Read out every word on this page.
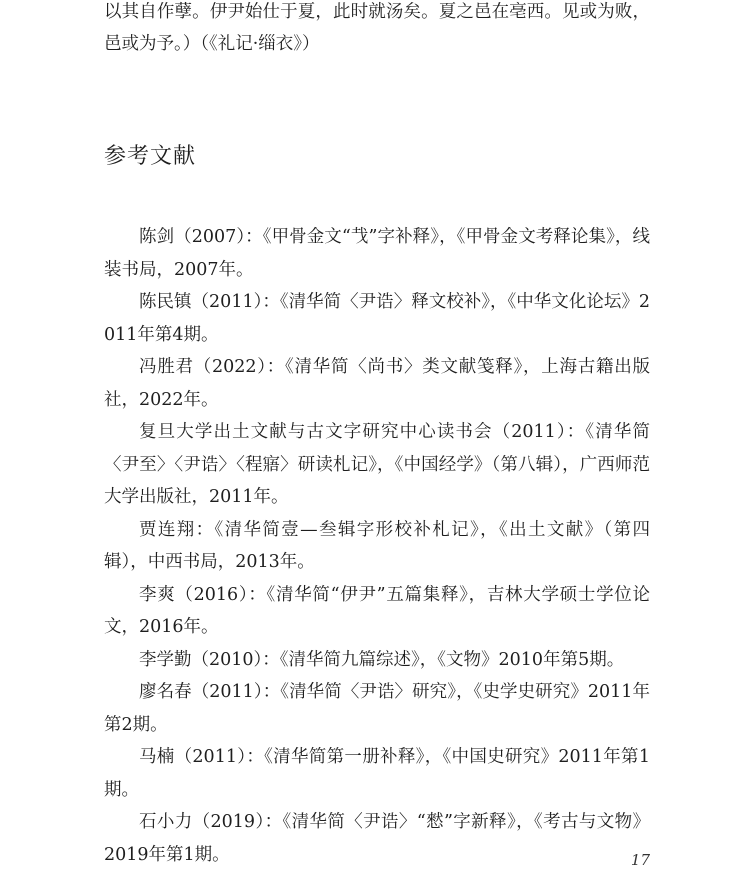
以其自作孽。伊尹始仕于夏，此时就汤矣。夏之邑在亳西。见或为败，邑或为予。）（《礼记·缁衣》）

参考文献
陈剑（2007）：《甲骨金文“𢦏”字补释》，《甲骨金文考释论集》，线装书局，2007年。
陈民镇（2011）：《清华简〈尹诰〉释文校补》，《中华文化论坛》2011年第4期。
冯胜君（2022）：《清华简〈尚书〉类文献笺释》，上海古籍出版社，2022年。
复旦大学出土文献与古文字研究中心读书会（2011）：《清华简〈尹至〉〈尹诰〉〈程寤〉研读札记》，《中国经学》（第八辑），广西师范大学出版社，2011年。
贾连翔：《清华简壹—叁辑字形校补札记》，《出土文献》（第四辑），中西书局，2013年。
李爽（2016）：《清华简“伊尹”五篇集释》，吉林大学硕士学位论文，2016年。
李学勤（2010）：《清华简九篇综述》，《文物》2010年第5期。
廖名春（2011）：《清华简〈尹诰〉研究》，《史学史研究》2011年第2期。
马楠（2011）：《清华简第一册补释》，《中国史研究》2011年第1期。
石小力（2019）：《清华简〈尹诰〉“憖”字新释》，《考古与文物》2019年第1期。	17
